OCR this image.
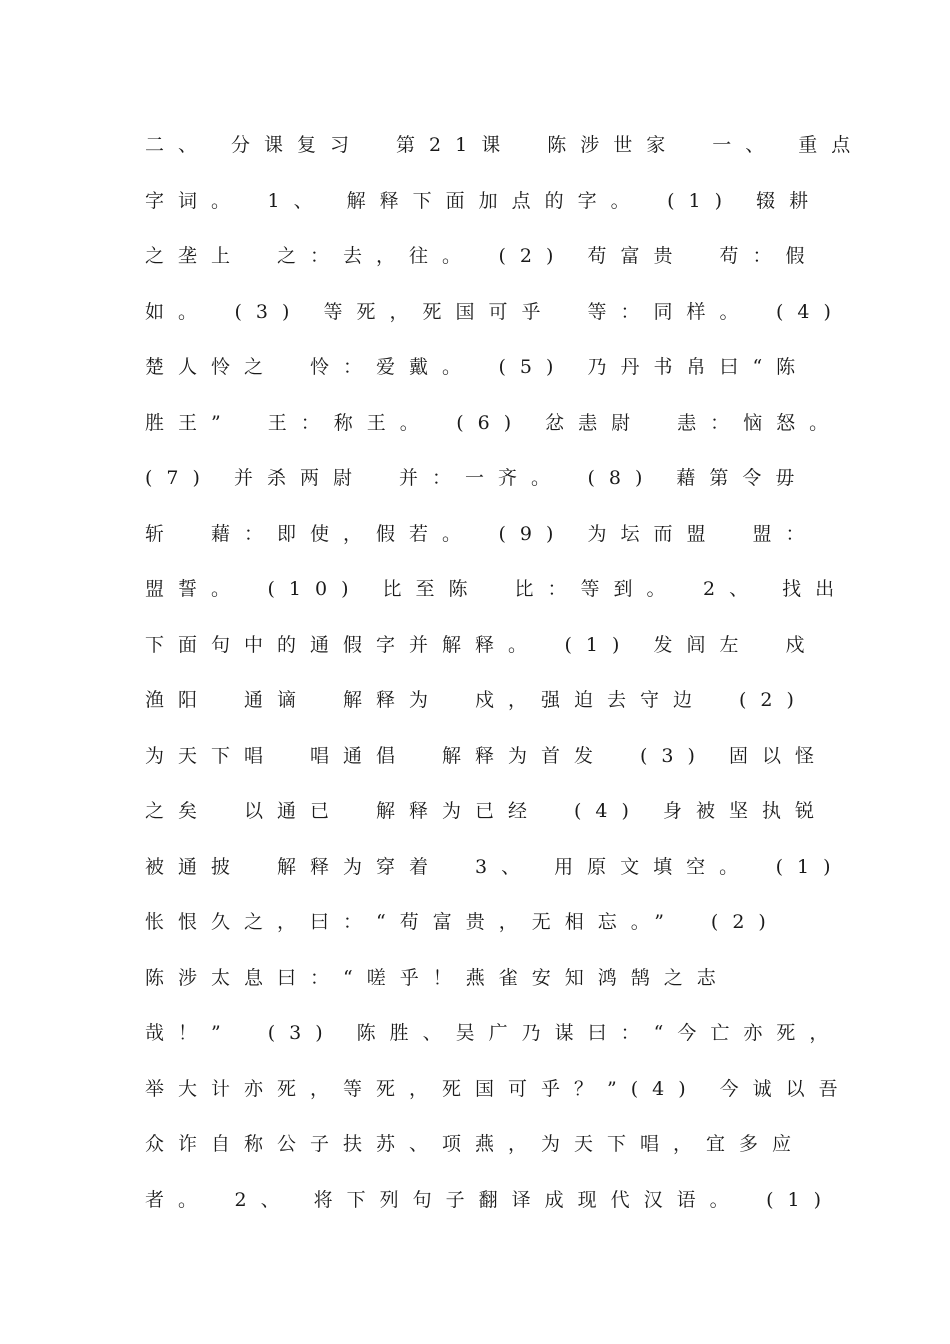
二、 分课复习　第21课　陈涉世家　一、 重点
字词。　1、 解释下面加点的字。　(1) 辍耕
之垄上　之：去，往。　(2) 苟富贵　苟：假
如。　(3) 等死，死国可乎　等：同样。　(4)
楚人怜之　怜：爱戴。　(5) 乃丹书帛曰“陈
胜王”　王：称王。　(6) 忿恚尉　恚：恼怒。
(7) 并杀两尉　并：一齐。　(8) 藉第令毋
斩　藉：即使，假若。　(9) 为坛而盟　盟：
盟誓。　(10) 比至陈　比：等到。　2、 找出
下面句中的通假字并解释。　(1) 发闾左　戍
渔阳　通谪　解释为　戍，强迫去守边　(2)
为天下唱　唱通倡　解释为首发　(3) 固以怪
之矣　以通已　解释为已经　(4) 身被坚执锐
被通披　解释为穿着　3、 用原文填空。　(1)
怅恨久之，曰：“苟富贵，无相忘。”　(2)
陈涉太息曰：“嗟乎！燕雀安知鸿鹄之志
哉！”　(3) 陈胜、吴广乃谋曰：“今亡亦死，
举大计亦死，等死，死国可乎？”(4) 今诚以吾
众诈自称公子扶苏、项燕，为天下唱，宜多应
者。　2、 将下列句子翻译成现代汉语。　(1)
